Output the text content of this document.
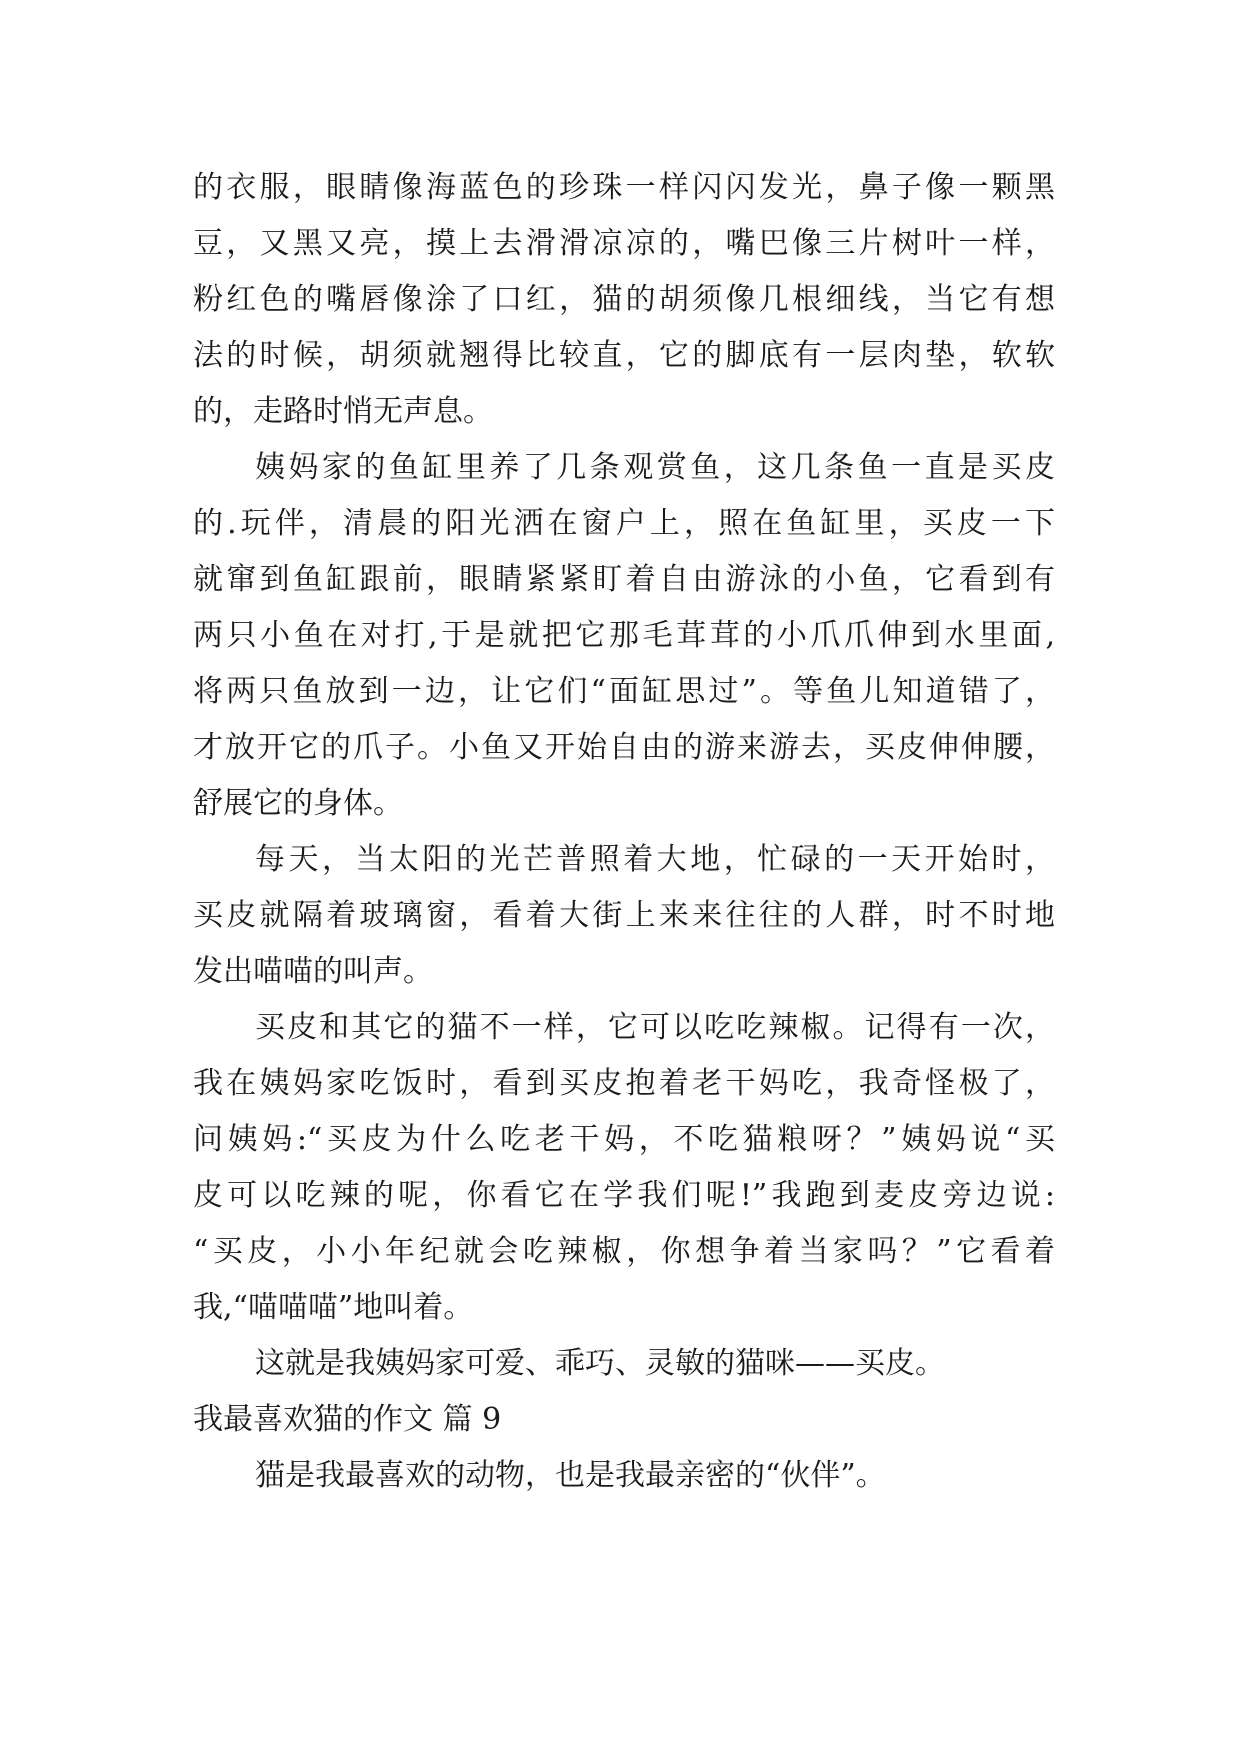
的衣服，眼睛像海蓝色的珍珠一样闪闪发光，鼻子像一颗黑
豆，又黑又亮，摸上去滑滑凉凉的，嘴巴像三片树叶一样，
粉红色的嘴唇像涂了口红，猫的胡须像几根细线，当它有想
法的时候，胡须就翘得比较直，它的脚底有一层肉垫，软软
的，走路时悄无声息。
姨妈家的鱼缸里养了几条观赏鱼，这几条鱼一直是买皮
的.玩伴，清晨的阳光洒在窗户上，照在鱼缸里，买皮一下
就窜到鱼缸跟前，眼睛紧紧盯着自由游泳的小鱼，它看到有
两只小鱼在对打,于是就把它那毛茸茸的小爪爪伸到水里面,
将两只鱼放到一边，让它们“面缸思过”。等鱼儿知道错了，
才放开它的爪子。小鱼又开始自由的游来游去，买皮伸伸腰，
舒展它的身体。
每天，当太阳的光芒普照着大地，忙碌的一天开始时，
买皮就隔着玻璃窗，看着大街上来来往往的人群，时不时地
发出喵喵的叫声。
买皮和其它的猫不一样，它可以吃吃辣椒。记得有一次，
我在姨妈家吃饭时，看到买皮抱着老干妈吃，我奇怪极了，
问姨妈:“买皮为什么吃老干妈，不吃猫粮呀？”姨妈说“买
皮可以吃辣的呢，你看它在学我们呢!”我跑到麦皮旁边说:
“买皮，小小年纪就会吃辣椒，你想争着当家吗？”它看着
我,“喵喵喵”地叫着。
这就是我姨妈家可爱、乖巧、灵敏的猫咪——买皮。
我最喜欢猫的作文 篇 9
猫是我最喜欢的动物，也是我最亲密的“伙伴”。
